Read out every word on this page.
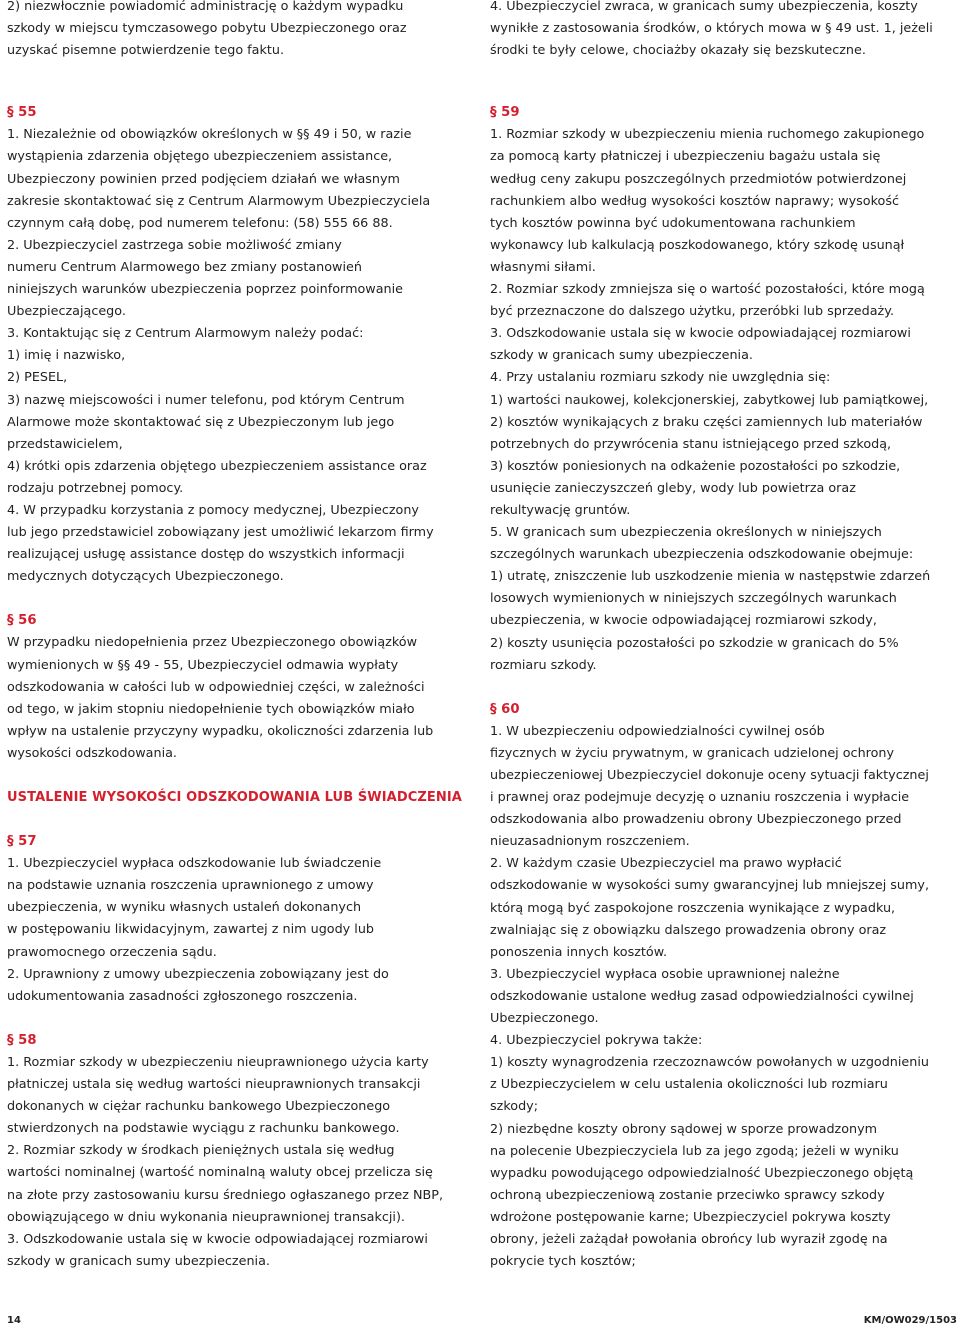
2) niezwłocznie powiadomić administrację o każdym wypadku
szkody w miejscu tymczasowego pobytu Ubezpieczonego oraz
uzyskać pisemne potwierdzenie tego faktu.
§ 55
1. Niezależnie od obowiązków określonych w §§ 49 i 50, w razie
wystąpienia zdarzenia objętego ubezpieczeniem assistance,
Ubezpieczony powinien przed podjęciem działań we własnym
zakresie skontaktować się z Centrum Alarmowym Ubezpieczyciela
czynnym całą dobę, pod numerem telefonu: (58) 555 66 88.
2. Ubezpieczyciel zastrzega sobie możliwość zmiany
numeru Centrum Alarmowego bez zmiany postanowień
niniejszych warunków ubezpieczenia poprzez poinformowanie
Ubezpieczającego.
3. Kontaktując się z Centrum Alarmowym należy podać:
1) imię i nazwisko,
2) PESEL,
3) nazwę miejscowości i numer telefonu, pod którym Centrum
Alarmowe może skontaktować się z Ubezpieczonym lub jego
przedstawicielem,
4) krótki opis zdarzenia objętego ubezpieczeniem assistance oraz
rodzaju potrzebnej pomocy.
4. W przypadku korzystania z pomocy medycznej, Ubezpieczony
lub jego przedstawiciel zobowiązany jest umożliwić lekarzom firmy
realizującej usługę assistance dostęp do wszystkich informacji
medycznych dotyczących Ubezpieczonego.
§ 56
W przypadku niedopełnienia przez Ubezpieczonego obowiązków
wymienionych w §§ 49 - 55, Ubezpieczyciel odmawia wypłaty
odszkodowania w całości lub w odpowiedniej części, w zależności
od tego, w jakim stopniu niedopełnienie tych obowiązków miało
wpływ na ustalenie przyczyny wypadku, okoliczności zdarzenia lub
wysokości odszkodowania.
USTALENIE WYSOKOŚCI ODSZKODOWANIA LUB ŚWIADCZENIA
§ 57
1. Ubezpieczyciel wypłaca odszkodowanie lub świadczenie
na podstawie uznania roszczenia uprawnionego z umowy
ubezpieczenia, w wyniku własnych ustaleń dokonanych
w postępowaniu likwidacyjnym, zawartej z nim ugody lub
prawomocnego orzeczenia sądu.
2. Uprawniony z umowy ubezpieczenia zobowiązany jest do
udokumentowania zasadności zgłoszonego roszczenia.
§ 58
1. Rozmiar szkody w ubezpieczeniu nieuprawnionego użycia karty
płatniczej ustala się według wartości nieuprawnionych transakcji
dokonanych w ciężar rachunku bankowego Ubezpieczonego
stwierdzonych na podstawie wyciągu z rachunku bankowego.
2. Rozmiar szkody w środkach pieniężnych ustala się według
wartości nominalnej (wartość nominalną waluty obcej przelicza się
na złote przy zastosowaniu kursu średniego ogłaszanego przez NBP,
obowiązującego w dniu wykonania nieuprawnionej transakcji).
3. Odszkodowanie ustala się w kwocie odpowiadającej rozmiarowi
szkody w granicach sumy ubezpieczenia.
4. Ubezpieczyciel zwraca, w granicach sumy ubezpieczenia, koszty
wynikłe z zastosowania środków, o których mowa w § 49 ust. 1, jeżeli
środki te były celowe, chociażby okazały się bezskuteczne.
§ 59
1. Rozmiar szkody w ubezpieczeniu mienia ruchomego zakupionego
za pomocą karty płatniczej i ubezpieczeniu bagażu ustala się
według ceny zakupu poszczególnych przedmiotów potwierdzonej
rachunkiem albo według wysokości kosztów naprawy; wysokość
tych kosztów powinna być udokumentowana rachunkiem
wykonawcy lub kalkulacją poszkodowanego, który szkodę usunął
własnymi siłami.
2. Rozmiar szkody zmniejsza się o wartość pozostałości, które mogą
być przeznaczone do dalszego użytku, przeróbki lub sprzedaży.
3. Odszkodowanie ustala się w kwocie odpowiadającej rozmiarowi
szkody w granicach sumy ubezpieczenia.
4. Przy ustalaniu rozmiaru szkody nie uwzględnia się:
1) wartości naukowej, kolekcjonerskiej, zabytkowej lub pamiątkowej,
2) kosztów wynikających z braku części zamiennych lub materiałów
potrzebnych do przywrócenia stanu istniejącego przed szkodą,
3) kosztów poniesionych na odkażenie pozostałości po szkodzie,
usunięcie zanieczyszczeń gleby, wody lub powietrza oraz
rekultywację gruntów.
5. W granicach sum ubezpieczenia określonych w niniejszych
szczególnych warunkach ubezpieczenia odszkodowanie obejmuje:
1) utratę, zniszczenie lub uszkodzenie mienia w następstwie zdarzeń
losowych wymienionych w niniejszych szczególnych warunkach
ubezpieczenia, w kwocie odpowiadającej rozmiarowi szkody,
2) koszty usunięcia pozostałości po szkodzie w granicach do 5%
rozmiaru szkody.
§ 60
1. W ubezpieczeniu odpowiedzialności cywilnej osób
fizycznych w życiu prywatnym, w granicach udzielonej ochrony
ubezpieczeniowej Ubezpieczyciel dokonuje oceny sytuacji faktycznej
i prawnej oraz podejmuje decyzję o uznaniu roszczenia i wypłacie
odszkodowania albo prowadzeniu obrony Ubezpieczonego przed
nieuzasadnionym roszczeniem.
2. W każdym czasie Ubezpieczyciel ma prawo wypłacić
odszkodowanie w wysokości sumy gwarancyjnej lub mniejszej sumy,
którą mogą być zaspokojone roszczenia wynikające z wypadku,
zwalniając się z obowiązku dalszego prowadzenia obrony oraz
ponoszenia innych kosztów.
3. Ubezpieczyciel wypłaca osobie uprawnionej należne
odszkodowanie ustalone według zasad odpowiedzialności cywilnej
Ubezpieczonego.
4. Ubezpieczyciel pokrywa także:
1) koszty wynagrodzenia rzeczoznawców powołanych w uzgodnieniu
z Ubezpieczycielem w celu ustalenia okoliczności lub rozmiaru
szkody;
2) niezbędne koszty obrony sądowej w sporze prowadzonym
na polecenie Ubezpieczyciela lub za jego zgodą; jeżeli w wyniku
wypadku powodującego odpowiedzialność Ubezpieczonego objętą
ochroną ubezpieczeniową zostanie przeciwko sprawcy szkody
wdrożone postępowanie karne; Ubezpieczyciel pokrywa koszty
obrony, jeżeli zażądał powołania obrońcy lub wyraził zgodę na
pokrycie tych kosztów;
14	KM/OW029/1503
